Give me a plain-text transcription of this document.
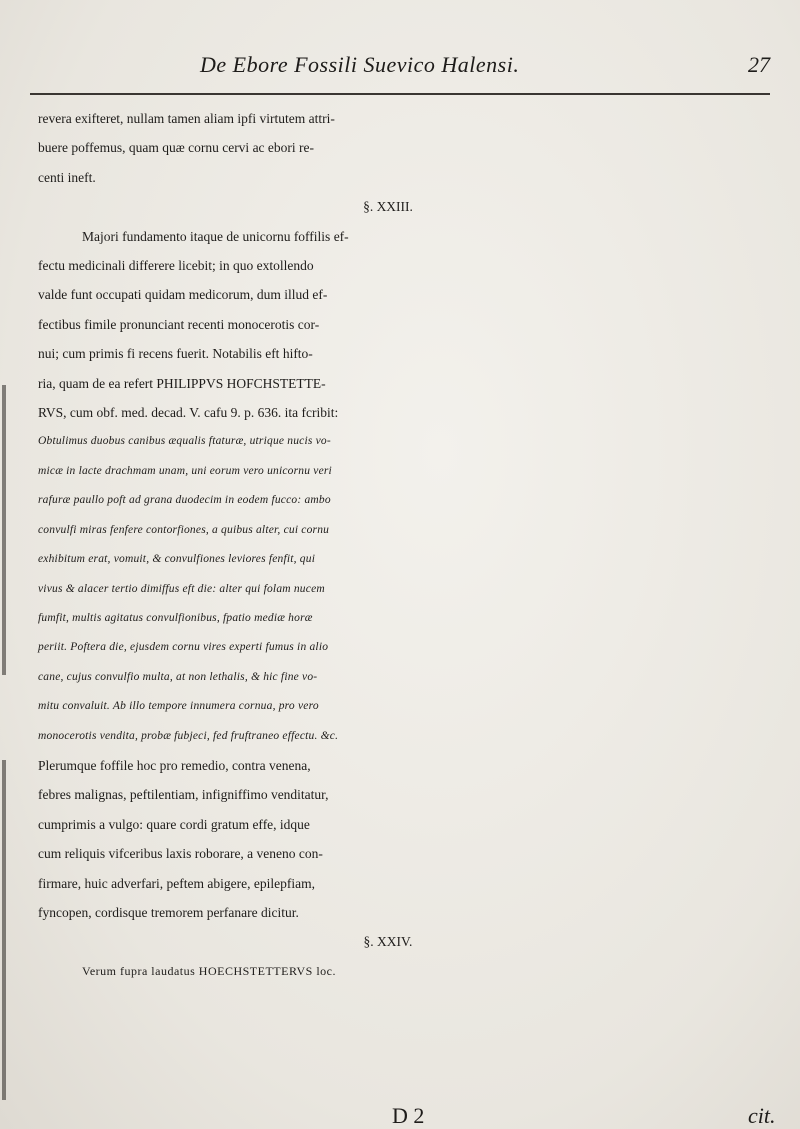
De Ebore Fossili Suevico Halensi.	27
revera exifteret, nullam tamen aliam ipfi virtutem attri-
buere poffemus, quam quæ cornu cervi ac ebori re-
centi ineft.
§. XXIII.
Majori fundamento itaque de unicornu foffilis ef-
fectu medicinali differere licebit; in quo extollendo
valde funt occupati quidam medicorum, dum illud ef-
fectibus fimile pronunciant recenti monocerotis cor-
nui; cum primis fi recens fuerit. Notabilis eft hifto-
ria, quam de ea refert PHILIPPVS HOFCHSTETTE-
RVS, cum obf. med. decad. V. cafu 9. p. 636. ita fcribit:
Obtulimus duobus canibus æqualis ftaturæ, utrique nucis vo-
micæ in lacte drachmam unam, uni eorum vero unicornu veri
rafuræ paullo poft ad grana duodecim in eodem fucco: ambo
convulfi miras fenfere contorfiones, a quibus alter, cui cornu
exhibitum erat, vomuit, & convulfiones leviores fenfit, qui
vivus & alacer tertio dimiffus eft die: alter qui folam nucem
fumfit, multis agitatus convulfionibus, fpatio mediæ horæ
periit. Poftera die, ejusdem cornu vires experti fumus in alio
cane, cujus convulfio multa, at non lethalis, & hic fine vo-
mitu convaluit. Ab illo tempore innumera cornua, pro vero
monocerotis vendita, probæ fubjeci, fed fruftraneo effectu. &c.
Plerumque foffile hoc pro remedio, contra venena,
febres malignas, peftilentiam, infigniffimo venditatur,
cumprimis a vulgo: quare cordi gratum effe, idque
cum reliquis vifceribus laxis roborare, a veneno con-
firmare, huic adverfari, peftem abigere, epilepfiam,
fyncopen, cordisque tremorem perfanare dicitur.
§. XXIV.
Verum fupra laudatus HOECHSTETTERVS loc.
D 2	cit.
